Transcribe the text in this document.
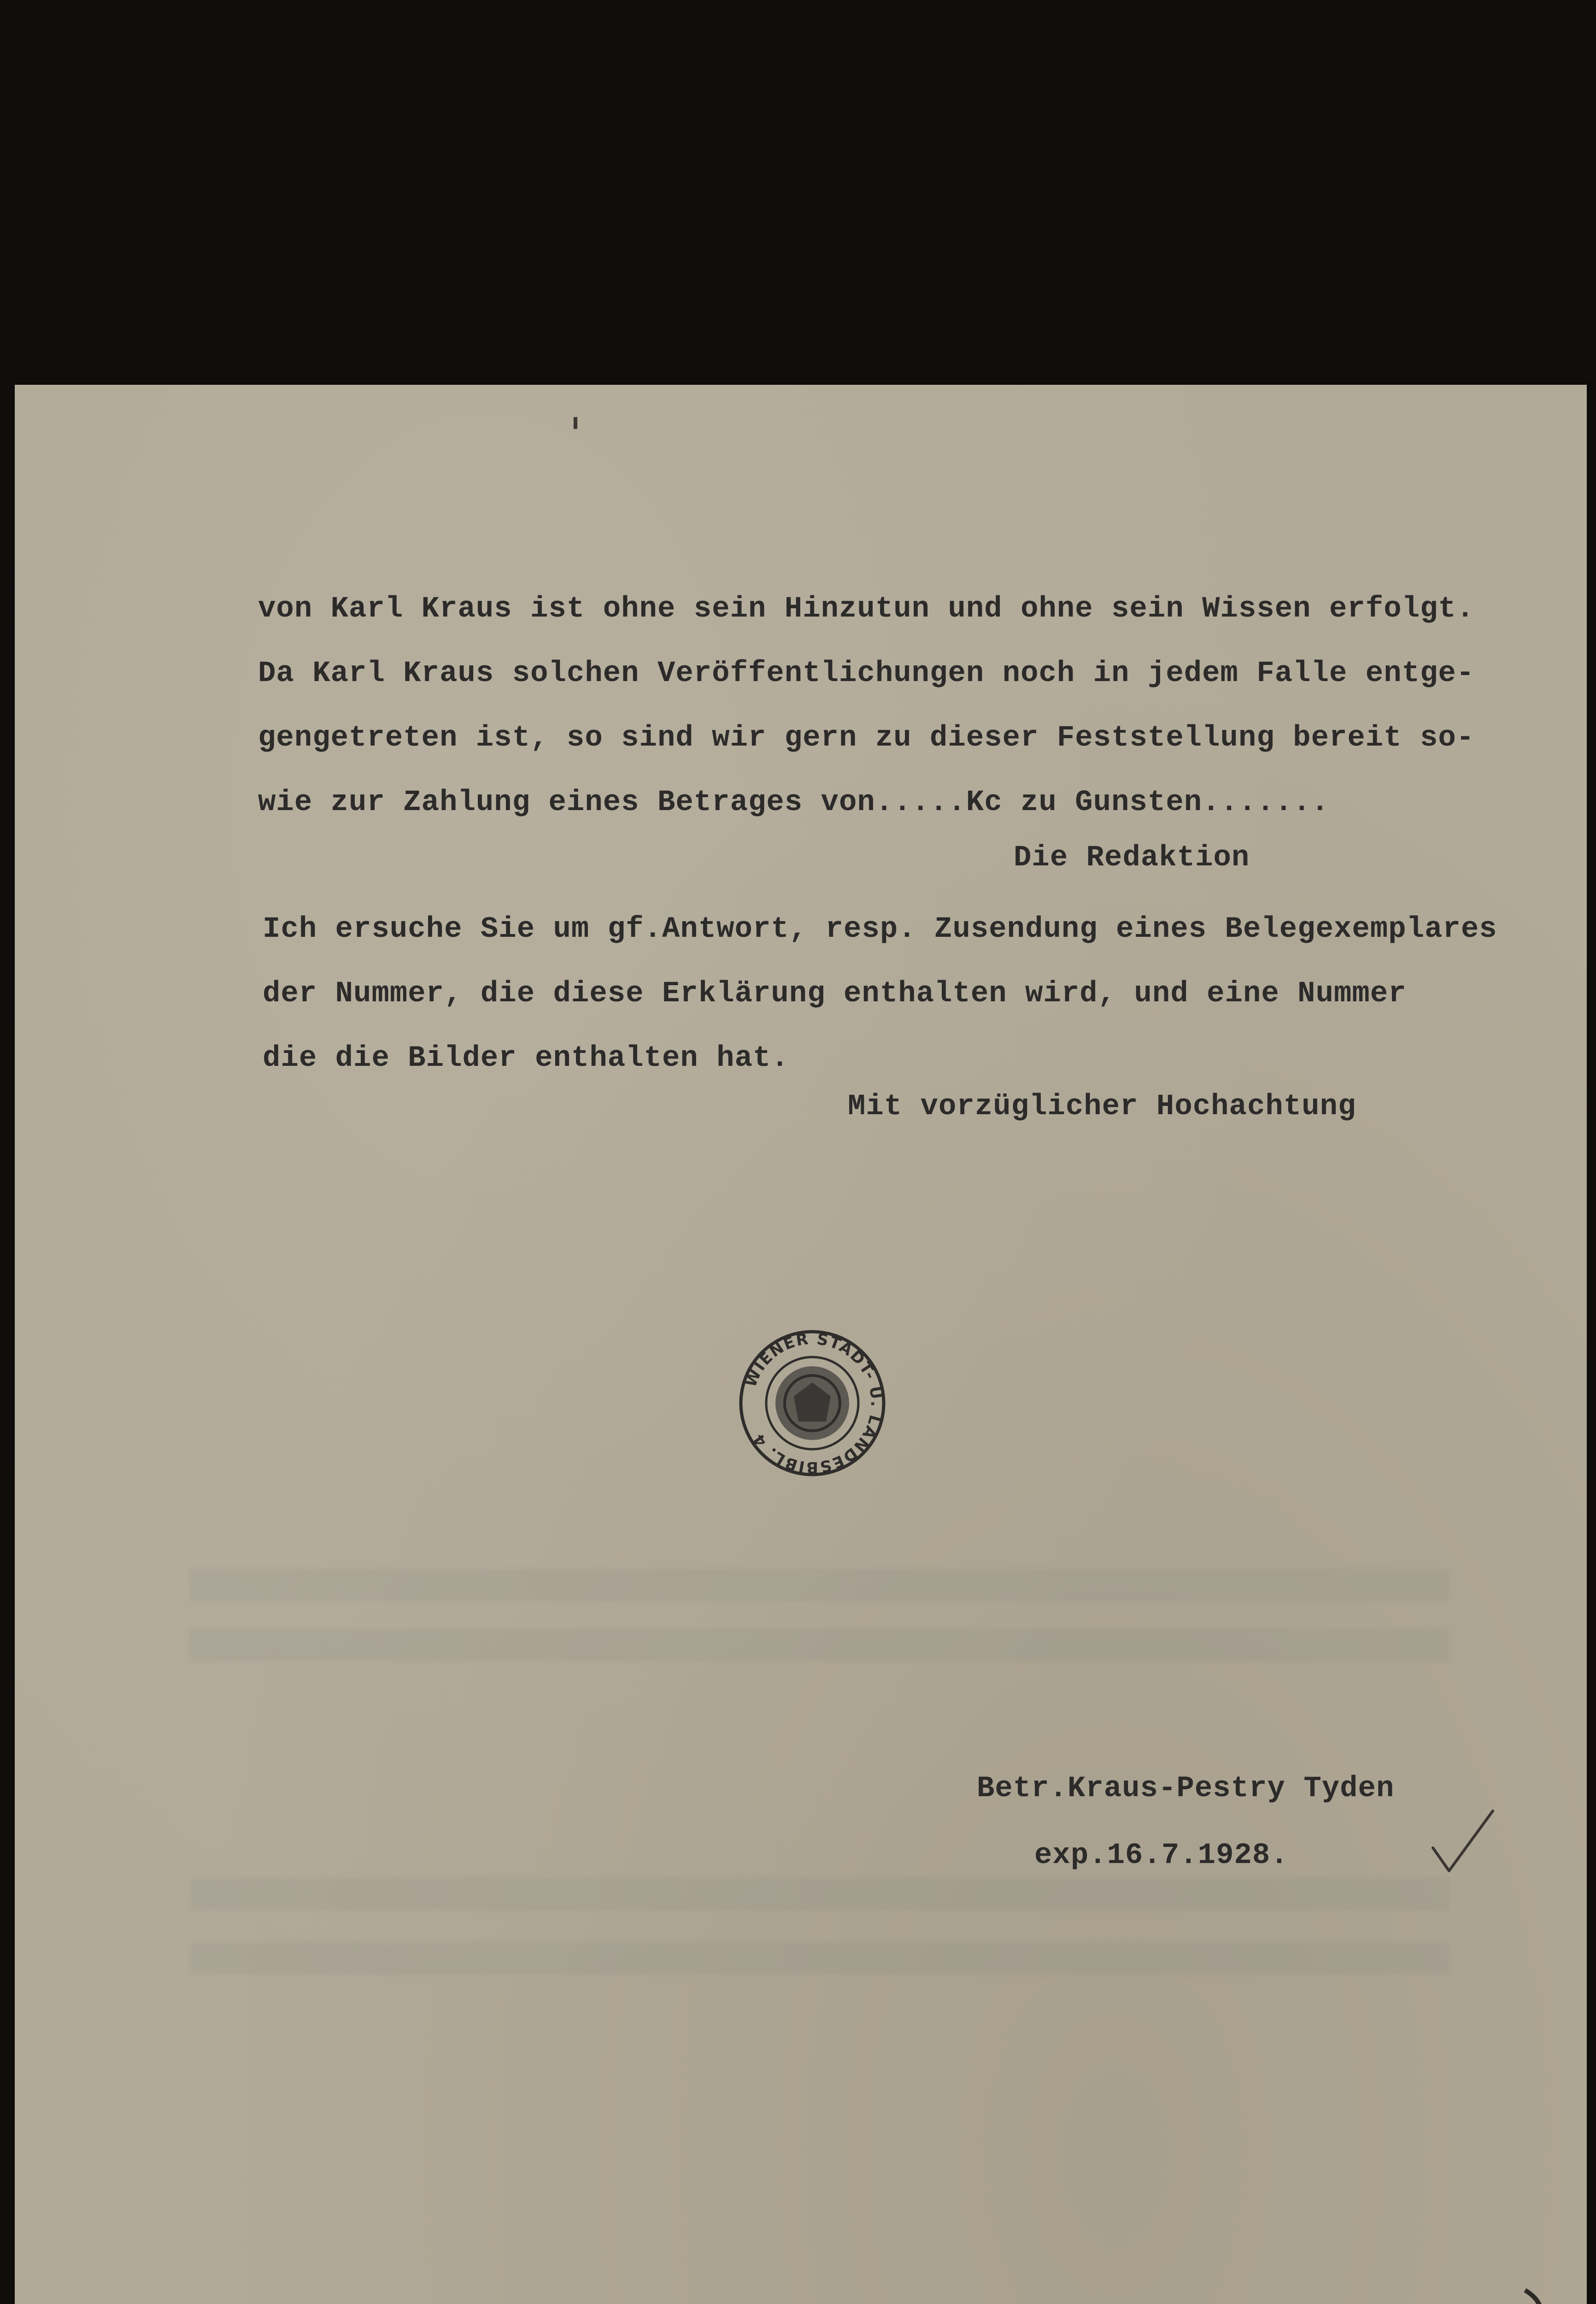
von Karl Kraus ist ohne sein Hinzutun und ohne sein Wissen erfolgt.
Da Karl Kraus solchen Veröffentlichungen noch in jedem Falle entge-
gengetreten ist, so sind wir gern zu dieser Feststellung bereit so-
wie zur Zahlung eines Betrages von.....Kc zu Gunsten.......
Die Redaktion
Ich ersuche Sie um gf.Antwort, resp. Zusendung eines Belegexemplares
der Nummer, die diese Erklärung enthalten wird, und eine Nummer
die die Bilder enthalten hat.
Mit vorzüglicher Hochachtung
WIENER STADT- U. LANDESBIBL. 4
Betr.Kraus-Pestry Tyden
exp.16.7.1928.
